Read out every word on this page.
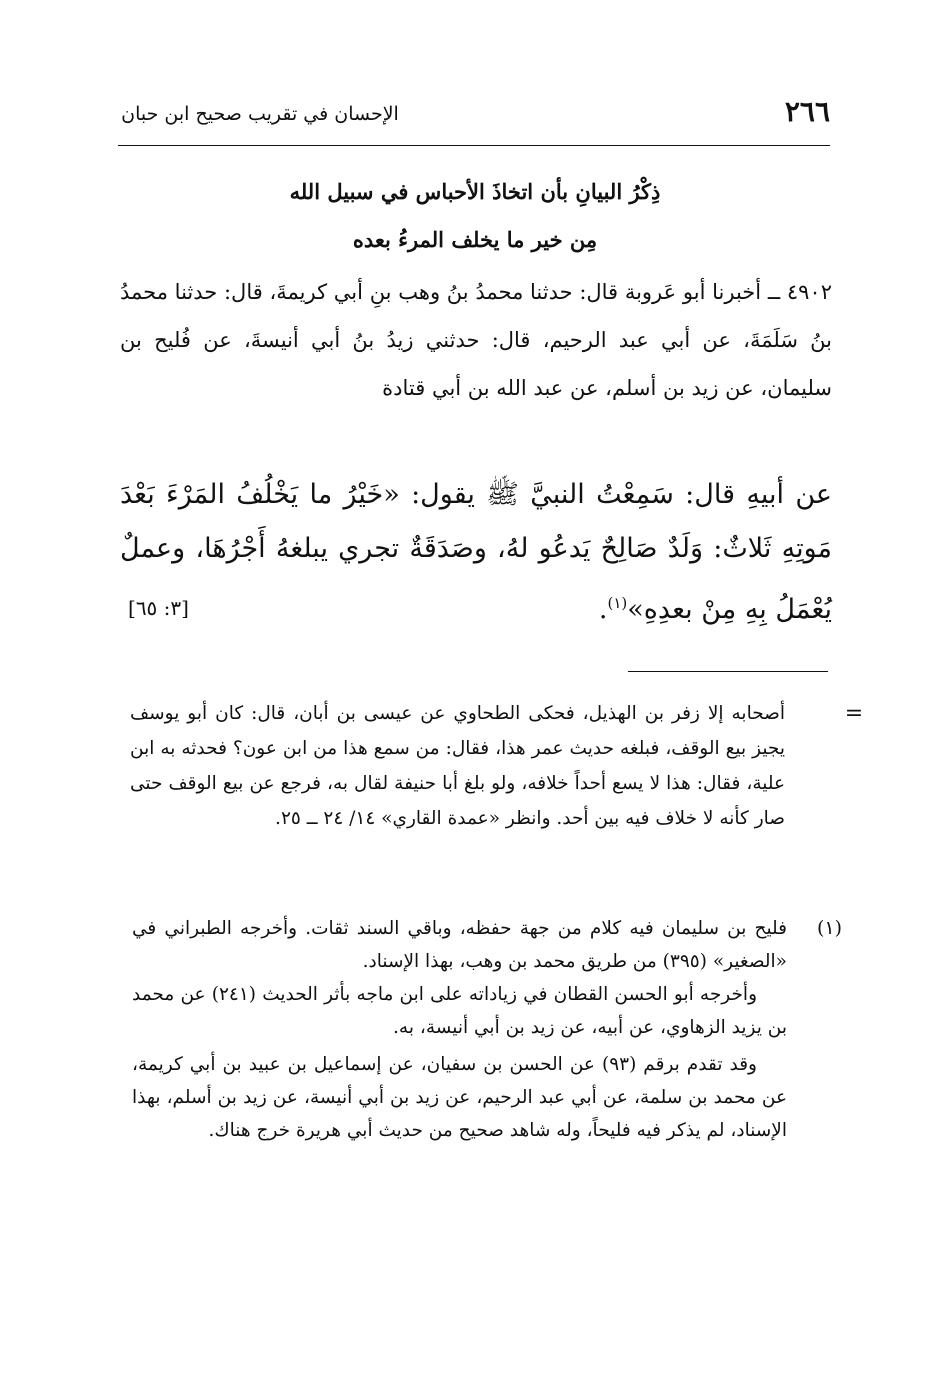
٢٦٦
الإحسان في تقريب صحيح ابن حبان
ذِكْرُ البيانِ بأن اتخاذَ الأحباس في سبيل الله
مِن خير ما يخلف المرءُ بعده
٤٩٠٢ ــ أخبرنا أبو عَروبة قال: حدثنا محمدُ بنُ وهب بنِ أبي كريمةَ، قال: حدثنا محمدُ بنُ سَلَمَةَ، عن أبي عبد الرحيم، قال: حدثني زيدُ بنُ أبي أنيسةَ، عن فُليح بن سليمان، عن زيد بن أسلم، عن عبد الله بن أبي قتادة
عن أبيهِ قال: سَمِعْتُ النبيَّ ﷺ يقول: «خَيْرُ ما يَخْلُفُ المَرْءَ بَعْدَ مَوتِهِ ثَلاثٌ: وَلَدٌ صَالِحٌ يَدعُو لهُ، وصَدَقَةٌ تجري يبلغهُ أَجْرُهَا، وعملٌ يُعْمَلُ بِهِ مِنْ بعدِهِ»$^{(١)}$.
[٣: ٦٥]
=
أصحابه إلا زفر بن الهذيل، فحكى الطحاوي عن عيسى بن أبان، قال: كان أبو يوسف يجيز بيع الوقف، فبلغه حديث عمر هذا، فقال: من سمع هذا من ابن عون؟ فحدثه به ابن علية، فقال: هذا لا يسع أحداً خلافه، ولو بلغ أبا حنيفة لقال به، فرجع عن بيع الوقف حتى صار كأنه لا خلاف فيه بين أحد. وانظر «عمدة القاري» ١٤/ ٢٤ ــ ٢٥.
(١)

فليح بن سليمان فيه كلام من جهة حفظه، وباقي السند ثقات. وأخرجه الطبراني في «الصغير» (٣٩٥) من طريق محمد بن وهب، بهذا الإسناد.

وأخرجه أبو الحسن القطان في زياداته على ابن ماجه بأثر الحديث (٢٤١) عن محمد بن يزيد الزهاوي، عن أبيه، عن زيد بن أبي أنيسة، به.

وقد تقدم برقم (٩٣) عن الحسن بن سفيان، عن إسماعيل بن عبيد بن أبي كريمة، عن محمد بن سلمة، عن أبي عبد الرحيم، عن زيد بن أبي أنيسة، عن زيد بن أسلم، بهذا الإسناد، لم يذكر فيه فليحاً، وله شاهد صحيح من حديث أبي هريرة خرج هناك.
